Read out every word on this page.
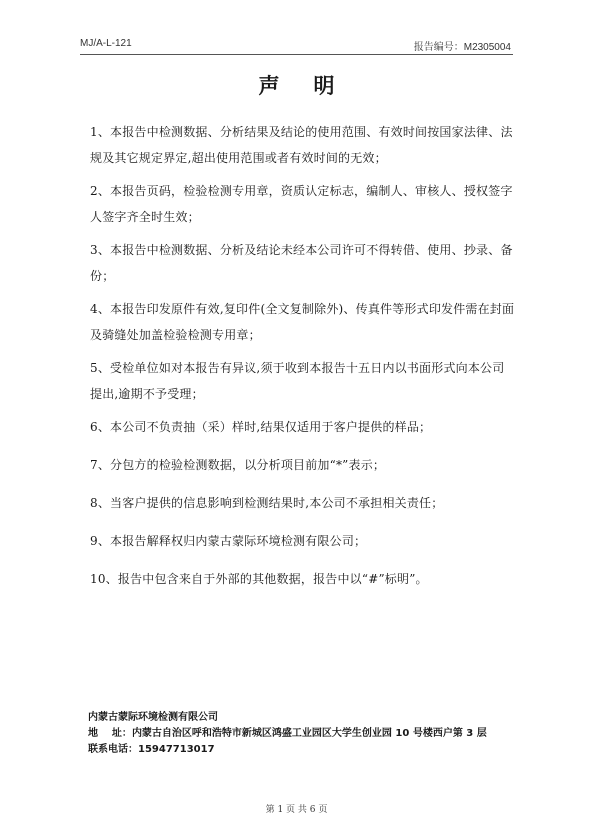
MJ/A-L-121	报告编号：M2305004
声明

1、本报告中检测数据、分析结果及结论的使用范围、有效时间按国家法律、法规及其它规定界定,超出使用范围或者有效时间的无效；

2、本报告页码，检验检测专用章，资质认定标志，编制人、审核人、授权签字人签字齐全时生效；

3、本报告中检测数据、分析及结论未经本公司许可不得转借、使用、抄录、备份；

4、本报告印发原件有效,复印件(全文复制除外)、传真件等形式印发件需在封面及骑缝处加盖检验检测专用章；

5、受检单位如对本报告有异议,须于收到本报告十五日内以书面形式向本公司提出,逾期不予受理；

6、本公司不负责抽（采）样时,结果仅适用于客户提供的样品；

7、分包方的检验检测数据，以分析项目前加“*”表示；

8、当客户提供的信息影响到检测结果时,本公司不承担相关责任；

9、本报告解释权归内蒙古蒙际环境检测有限公司；

10、报告中包含来自于外部的其他数据，报告中以“#”标明”。

内蒙古蒙际环境检测有限公司
地    址：内蒙古自治区呼和浩特市新城区鸿盛工业园区大学生创业园 10 号楼西户第 3 层
联系电话：15947713017
第 1 页 共 6 页
